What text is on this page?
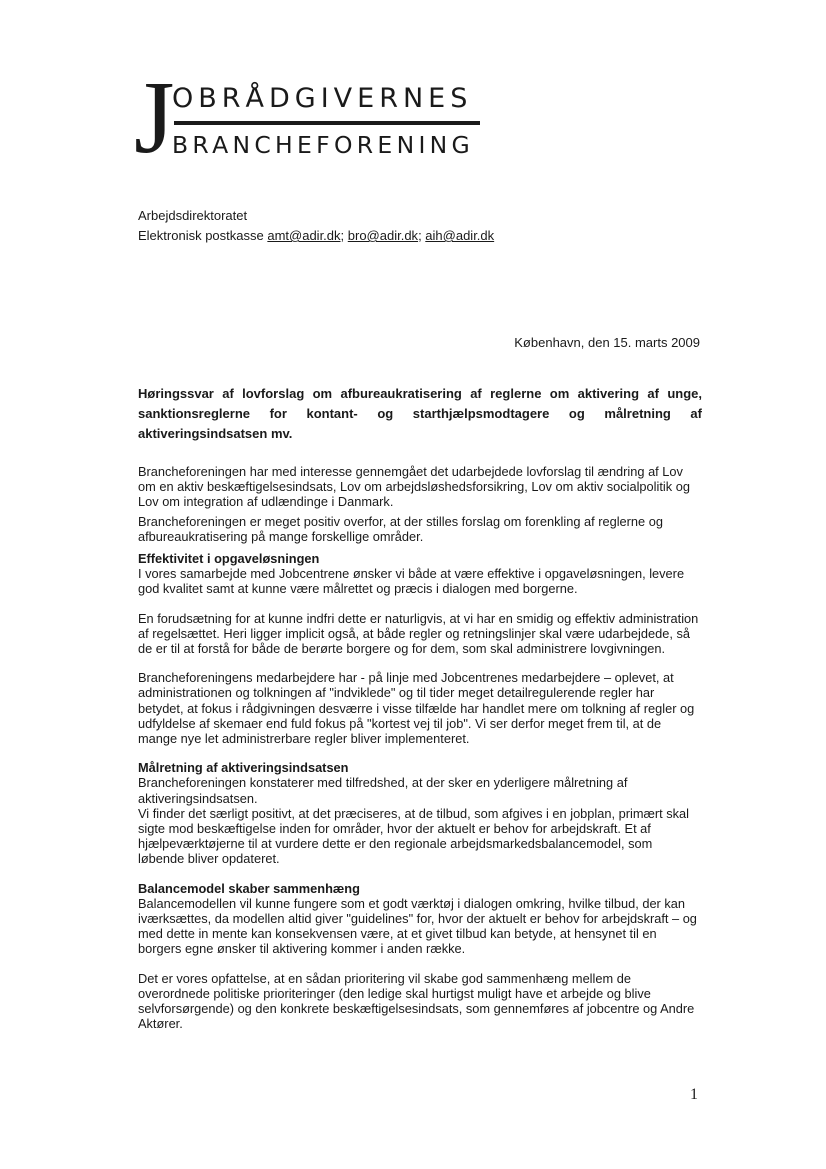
J
OBRÅDGIVERNES
BRANCHEFORENING
Arbejdsdirektoratet
Elektronisk postkasse amt@adir.dk; bro@adir.dk; aih@adir.dk
København, den 15. marts 2009
Høringssvar af lovforslag om afbureaukratisering af reglerne om aktivering af unge, sanktionsreglerne for kontant- og starthjælpsmodtagere og målretning af aktiveringsindsatsen mv.

Brancheforeningen har med interesse gennemgået det udarbejdede lovforslag til ændring af Lov om en aktiv beskæftigelsesindsats, Lov om arbejdsløshedsforsikring, Lov om aktiv socialpolitik og Lov om integration af udlændinge i Danmark.

Brancheforeningen er meget positiv overfor, at der stilles forslag om forenkling af reglerne og afbureaukratisering på mange forskellige områder.

Effektivitet i opgaveløsningen

I vores samarbejde med Jobcentrene ønsker vi både at være effektive i opgaveløsningen, levere god kvalitet samt at kunne være målrettet og præcis i dialogen med borgerne.

En forudsætning for at kunne indfri dette er naturligvis, at vi har en smidig og effektiv administration af regelsættet. Heri ligger implicit også, at både regler og retningslinjer skal være udarbejdede, så de er til at forstå for både de berørte borgere og for dem, som skal administrere lovgivningen.

Brancheforeningens medarbejdere har - på linje med Jobcentrenes medarbejdere – oplevet, at administrationen og tolkningen af "indviklede" og til tider meget detailregulerende regler har betydet, at fokus i rådgivningen desværre i visse tilfælde har handlet mere om tolkning af regler og udfyldelse af skemaer end fuld fokus på "kortest vej til job". Vi ser derfor meget frem til, at de mange nye let administrerbare regler bliver implementeret.

Målretning af aktiveringsindsatsen

Brancheforeningen konstaterer med tilfredshed, at der sker en yderligere målretning af aktiveringsindsatsen.

Vi finder det særligt positivt, at det præciseres, at de tilbud, som afgives i en jobplan, primært skal sigte mod beskæftigelse inden for områder, hvor der aktuelt er behov for arbejdskraft. Et af hjælpeværktøjerne til at vurdere dette er den regionale arbejdsmarkedsbalancemodel, som løbende bliver opdateret.

Balancemodel skaber sammenhæng

Balancemodellen vil kunne fungere som et godt værktøj i dialogen omkring, hvilke tilbud, der kan iværksættes, da modellen altid giver "guidelines" for, hvor der aktuelt er behov for arbejdskraft – og med dette in mente kan konsekvensen være, at et givet tilbud kan betyde, at hensynet til en borgers egne ønsker til aktivering kommer i anden række.

Det er vores opfattelse, at en sådan prioritering vil skabe god sammenhæng mellem de overordnede politiske prioriteringer (den ledige skal hurtigst muligt have et arbejde og blive selvforsørgende) og den konkrete beskæftigelsesindsats, som gennemføres af jobcentre og Andre Aktører.

1
